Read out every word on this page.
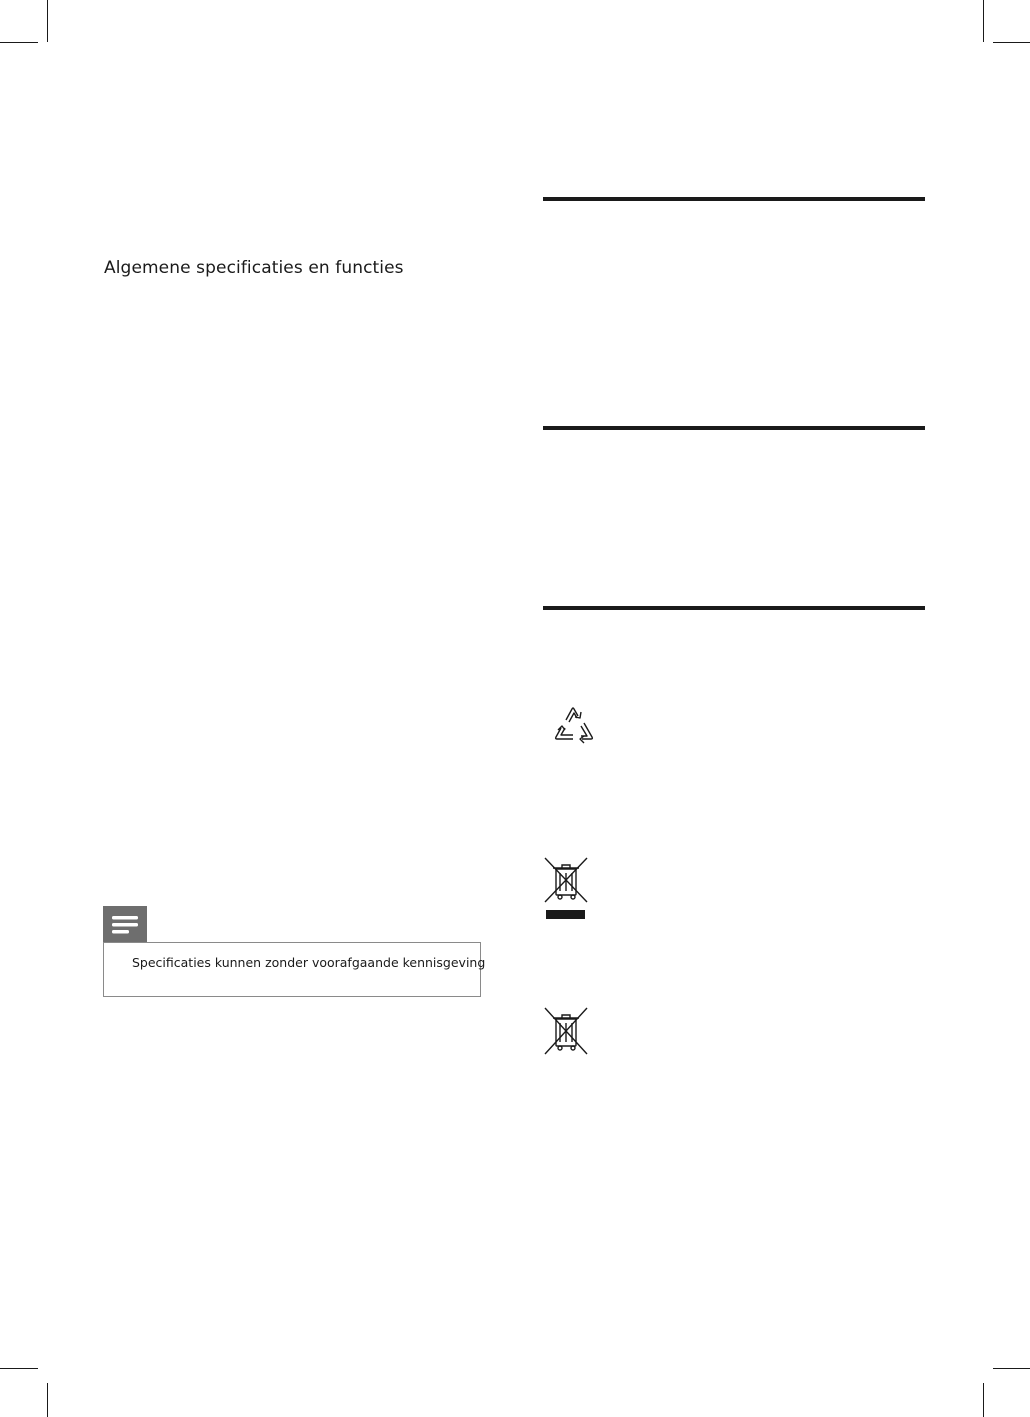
Algemene specificaties en functies
Specificaties kunnen zonder voorafgaande kennisgeving
